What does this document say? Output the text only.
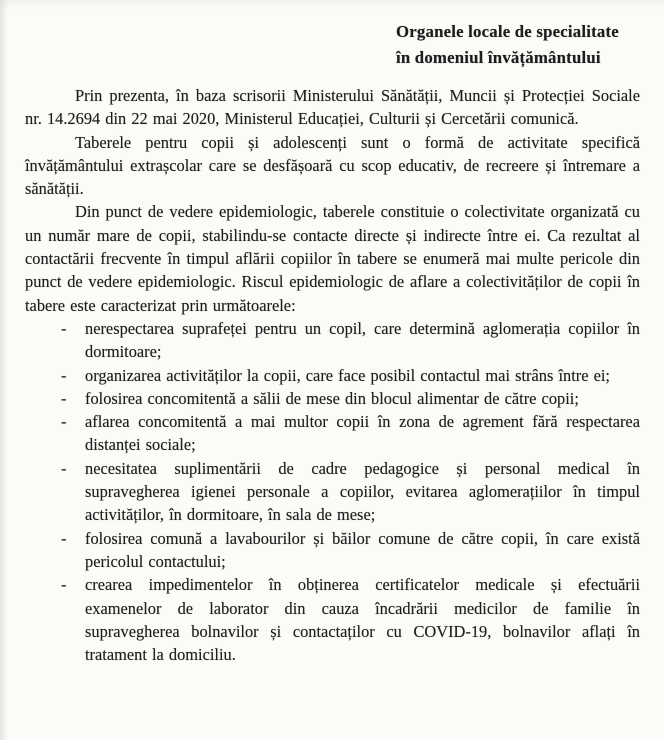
Organele locale de specialitate
în domeniul învățământului

Prin prezenta, în baza scrisorii Ministerului Sănătății, Muncii și Protecției Sociale nr. 14.2694 din 22 mai 2020, Ministerul Educației, Culturii și Cercetării comunică.

Taberele pentru copii și adolescenți sunt o formă de activitate specifică învățământului extrașcolar care se desfășoară cu scop educativ, de recreere și întremare a sănătății.

Din punct de vedere epidemiologic, taberele constituie o colectivitate organizată cu un număr mare de copii, stabilindu-se contacte directe și indirecte între ei. Ca rezultat al contactării frecvente în timpul aflării copiilor în tabere se enumeră mai multe pericole din punct de vedere epidemiologic. Riscul epidemiologic de aflare a colectivităților de copii în tabere este caracterizat prin următoarele:

- nerespectarea suprafeței pentru un copil, care determină aglomerația copiilor în dormitoare;
- organizarea activităților la copii, care face posibil contactul mai strâns între ei;
- folosirea concomitentă a sălii de mese din blocul alimentar de către copii;
- aflarea concomitentă a mai multor copii în zona de agrement fără respectarea distanței sociale;
- necesitatea suplimentării de cadre pedagogice și personal medical în supravegherea igienei personale a copiilor, evitarea aglomerațiilor în timpul activităților, în dormitoare, în sala de mese;
- folosirea comună a lavabourilor și băilor comune de către copii, în care există pericolul contactului;
- crearea impedimentelor în obținerea certificatelor medicale și efectuării examenelor de laborator din cauza încadrării medicilor de familie în supravegherea bolnavilor și contactaților cu COVID-19, bolnavilor aflați în tratament la domiciliu.
